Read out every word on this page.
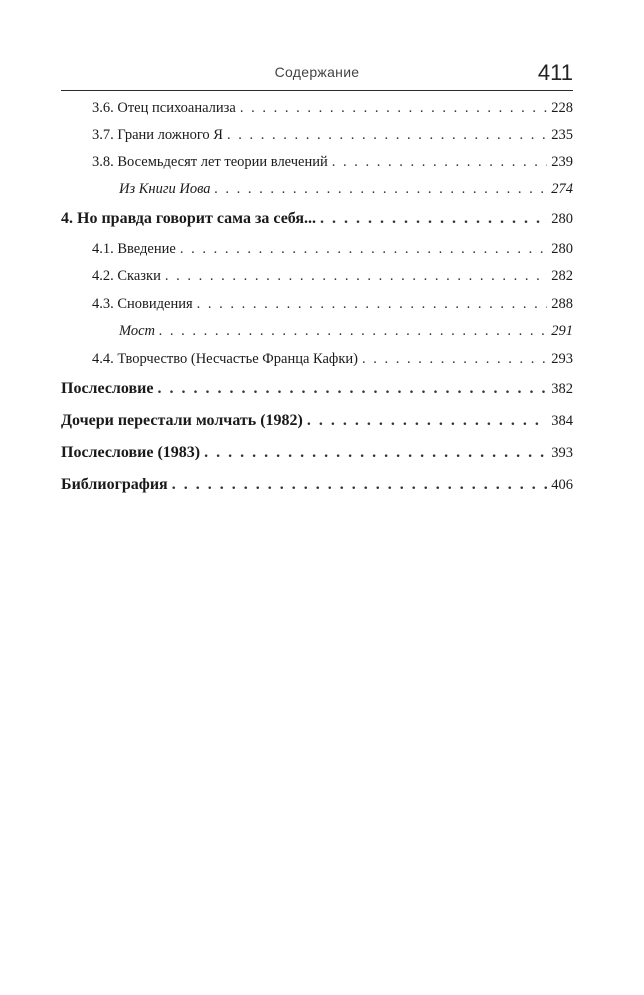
Содержание	411
3.6. Отец психоанализа . . .	228
3.7. Грани ложного Я . . .	235
3.8. Восемьдесят лет теории влечений . . .	239
Из Книги Иова . . .	274
4. Но правда говорит сама за себя... . . .	280
4.1. Введение . . .	280
4.2. Сказки . . .	282
4.3. Сновидения . . .	288
Мост . . .	291
4.4. Творчество (Несчастье Франца Кафки) . . .	293
Послесловие . . .	382
Дочери перестали молчать (1982) . . .	384
Послесловие (1983) . . .	393
Библиография . . .	406
